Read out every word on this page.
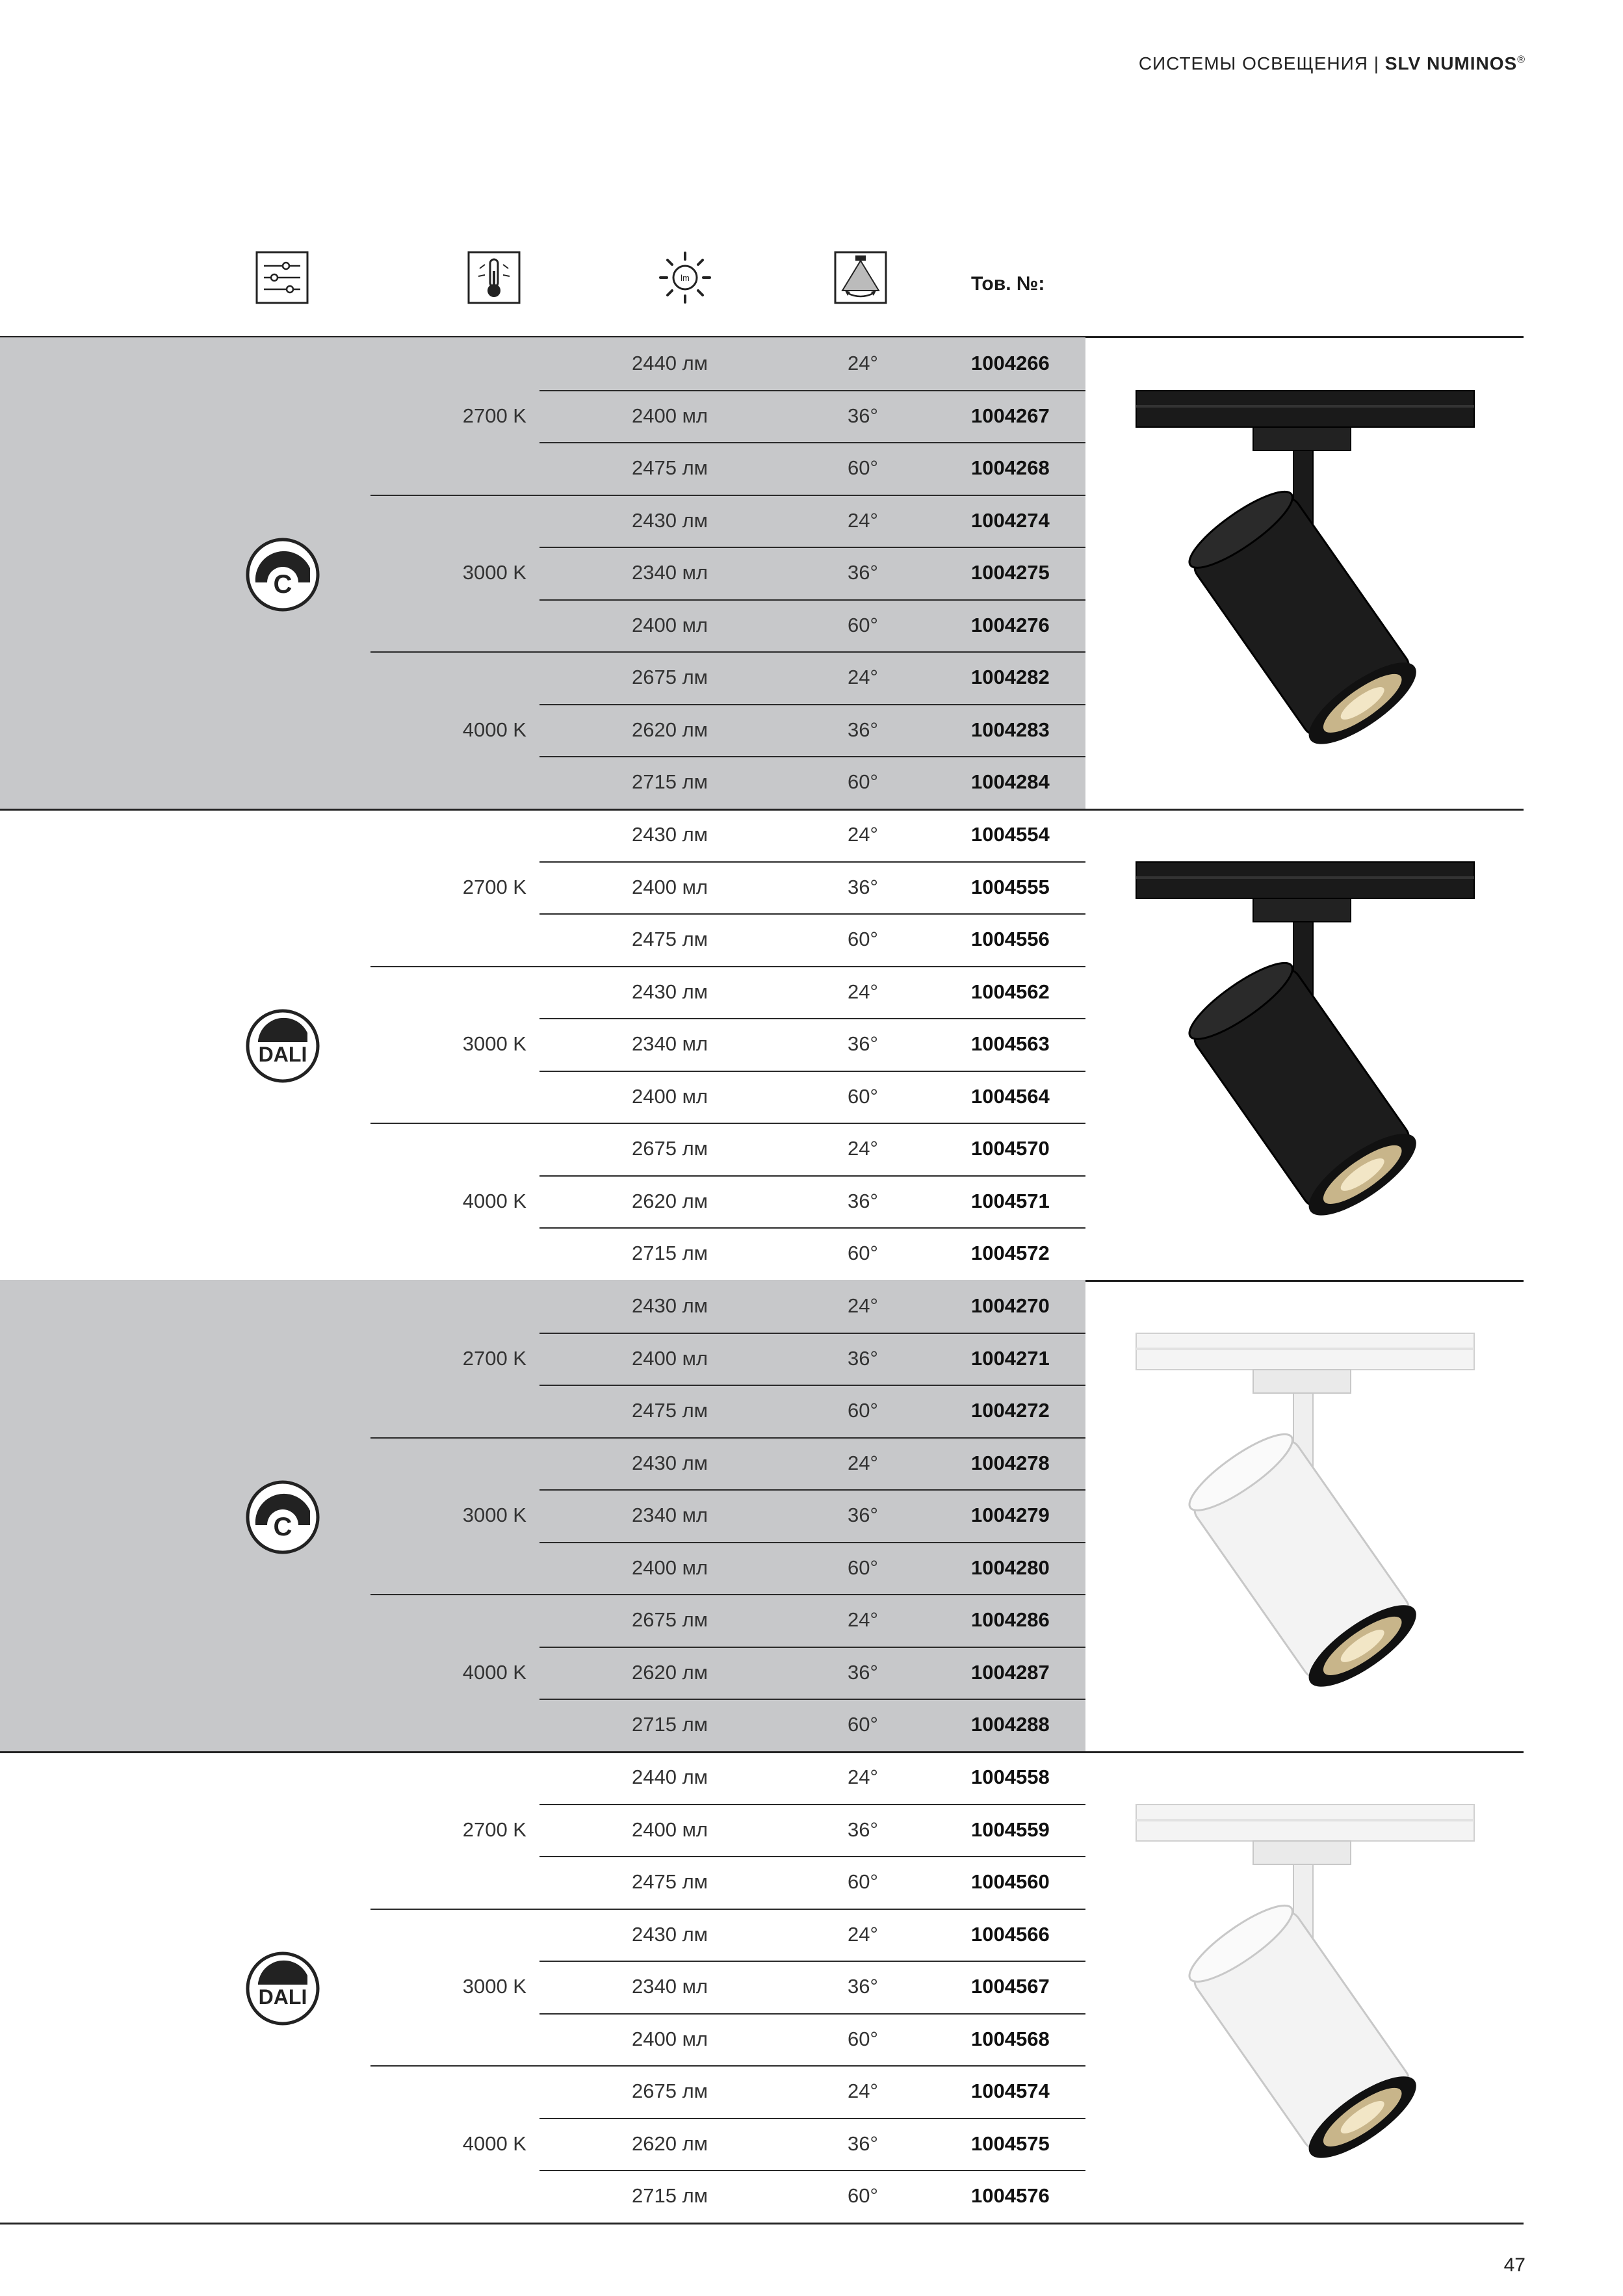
СИСТЕМЫ ОСВЕЩЕНИЯ | SLV NUMINOS®
lm	Тов. №:
C
2700 K
2440 лм	24°	1004266
2400 мл	36°	1004267
2475 лм	60°	1004268
3000 K
2430 лм	24°	1004274
2340 мл	36°	1004275
2400 мл	60°	1004276
4000 K
2675 лм	24°	1004282
2620 лм	36°	1004283
2715 лм	60°	1004284
DALI
2700 K
2430 лм	24°	1004554
2400 мл	36°	1004555
2475 лм	60°	1004556
3000 K
2430 лм	24°	1004562
2340 мл	36°	1004563
2400 мл	60°	1004564
4000 K
2675 лм	24°	1004570
2620 лм	36°	1004571
2715 лм	60°	1004572
C
2700 K
2430 лм	24°	1004270
2400 мл	36°	1004271
2475 лм	60°	1004272
3000 K
2430 лм	24°	1004278
2340 мл	36°	1004279
2400 мл	60°	1004280
4000 K
2675 лм	24°	1004286
2620 лм	36°	1004287
2715 лм	60°	1004288
DALI
2700 K
2440 лм	24°	1004558
2400 мл	36°	1004559
2475 лм	60°	1004560
3000 K
2430 лм	24°	1004566
2340 мл	36°	1004567
2400 мл	60°	1004568
4000 K
2675 лм	24°	1004574
2620 лм	36°	1004575
2715 лм	60°	1004576
47
